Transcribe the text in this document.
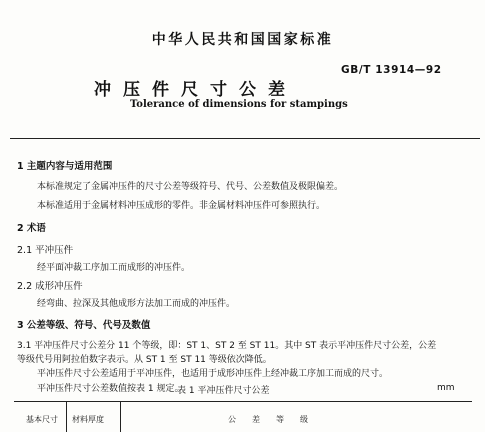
中华人民共和国国家标准
GB/T 13914—92
冲压件尺寸公差
Tolerance of dimensions for stampings
1 主题内容与适用范围
本标准规定了金属冲压件的尺寸公差等级符号、代号、公差数值及极限偏差。
本标准适用于金属材料冲压成形的零件。非金属材料冲压件可参照执行。
2 术语
2.1 平冲压件
经平面冲裁工序加工而成形的冲压件。
2.2 成形冲压件
经弯曲、拉深及其他成形方法加工而成的冲压件。
3 公差等级、符号、代号及数值
3.1 平冲压件尺寸公差分 11 个等级，即：ST 1、ST 2 至 ST 11。其中 ST 表示平冲压件尺寸公差，公差
等级代号用阿拉伯数字表示。从 ST 1 至 ST 11 等级依次降低。
平冲压件尺寸公差适用于平冲压件，也适用于成形冲压件上经冲裁工序加工而成的尺寸。
平冲压件尺寸公差数值按表 1 规定。
表 1 平冲压件尺寸公差	mm
基本尺寸 材料厚度	公差等级
